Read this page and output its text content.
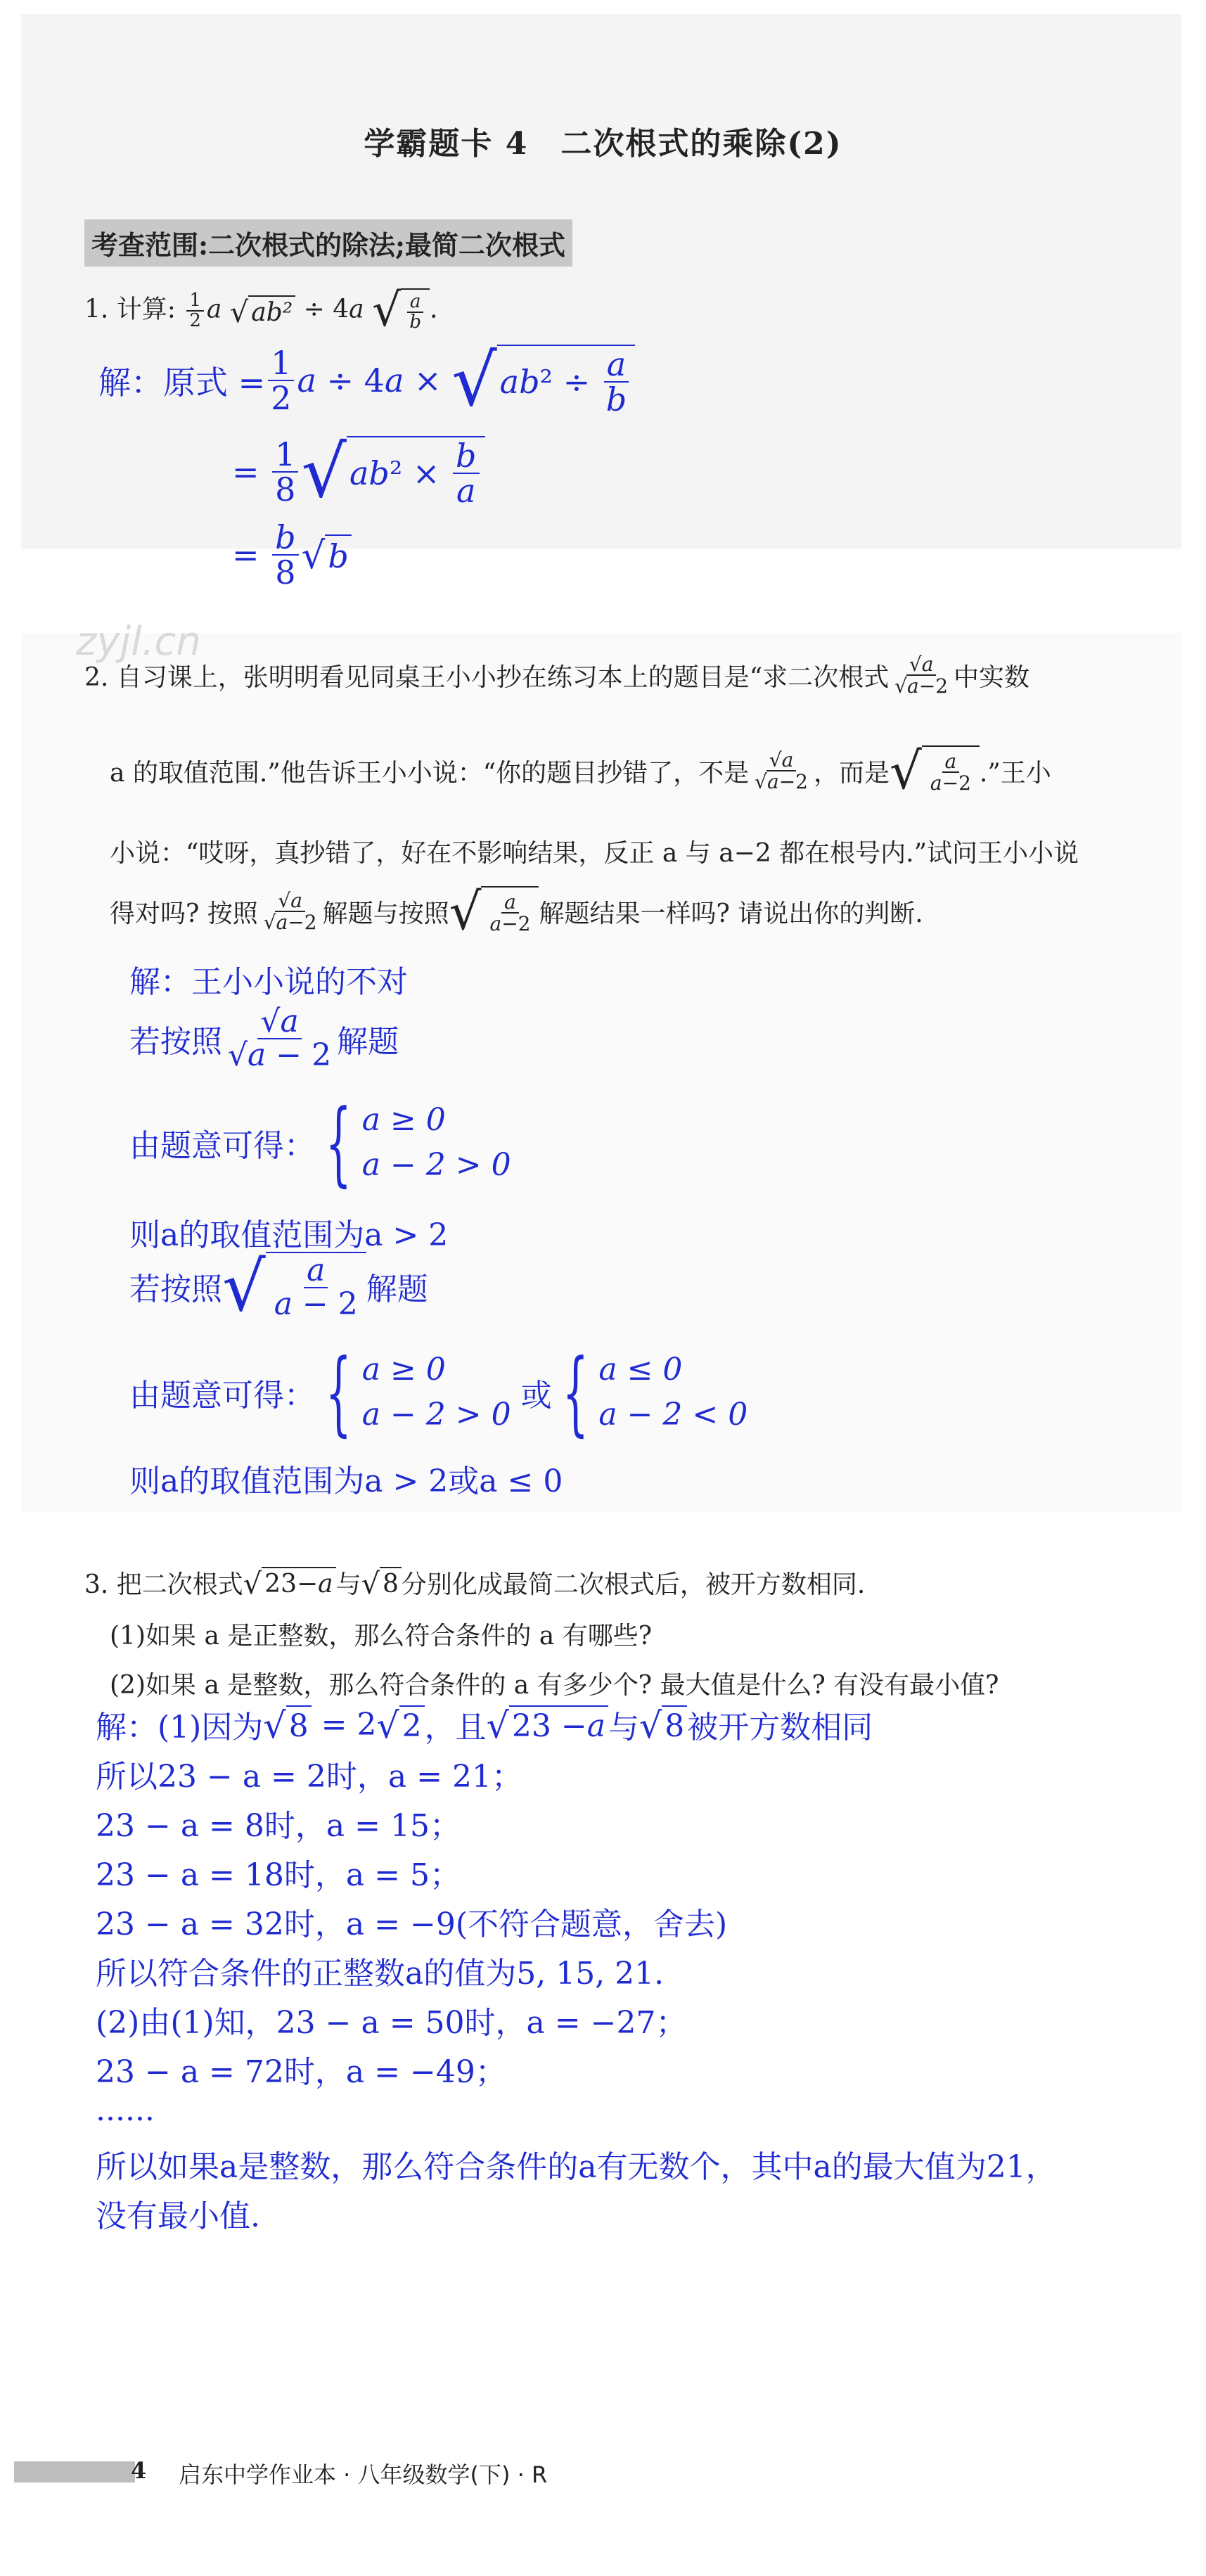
学霸题卡 4　二次根式的乘除(2)
考查范围:二次根式的除法;最简二次根式
1. 计算: $\frac{1}{2}$ a √ ab² ÷ 4a √ $\frac{a}{b}$ .
解：原式 = $\frac{1}{2}$ a ÷ 4 a × √ ab $^2 \div \frac{a}{b}$
=
$\frac{1}{8}$ √ ab $^2 \times \frac{b}{a}$
=
$\frac{b}{8}$ √ b
zyjl.cn
2. 自习课上，张明明看见同桌王小小抄在练习本上的题目是“求二次根式 $\frac{√a}{√a-2}$ 中实数
a 的取值范围.”他告诉王小小说：“你的题目抄错了，不是 $\frac{√a}{√a-2}$ ，而是 √ $\frac{a}{a-2}$ .”王小
小说：“哎呀，真抄错了，好在不影响结果，反正 a 与 a−2 都在根号内.”试问王小小说
得对吗? 按照 $\frac{√a}{√a-2}$ 解题与按照 √ $\frac{a}{a-2}$ 解题结果一样吗? 请说出你的判断.
解：王小小说的不对
若按照 $\frac{√a}{√a - 2}$ 解题
由题意可得： { a ≥ 0
a − 2 > 0
则a的取值范围为a > 2
若按照 √ $\frac{a}{a - 2}$ 解题
由题意可得： { a ≥ 0
a − 2 > 0

或 { a ≤ 0
a − 2 < 0
则a的取值范围为a > 2或a ≤ 0
3. 把二次根式 √ 23− a 与 √ 8 分别化成最简二次根式后，被开方数相同.
(1)如果 a 是正整数，那么符合条件的 a 有哪些?
(2)如果 a 是整数，那么符合条件的 a 有多少个? 最大值是什么? 有没有最小值?
解：(1)因为 √ 8 = 2 √ 2 ，且 √ 23 − a 与 √ 8 被开方数相同
所以23 − a = 2时，a = 21；
23 − a = 8时，a = 15；
23 − a = 18时，a = 5；
23 − a = 32时，a = −9(不符合题意，舍去)
所以符合条件的正整数a的值为5, 15, 21.
(2)由(1)知，23 − a = 50时，a = −27；
23 − a = 72时，a = −49；
......
所以如果a是整数，那么符合条件的a有无数个，其中a的最大值为21，
没有最小值.
4 启东中学作业本 · 八年级数学(下) · R
